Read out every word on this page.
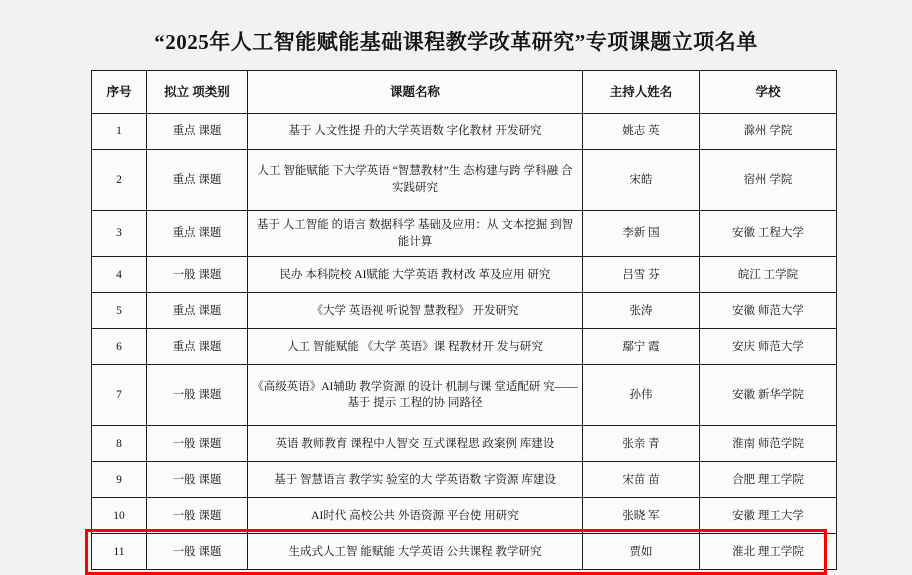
“2025年人工智能赋能基础课程教学改革研究”专项课题立项名单
序号	拟立 项类别	课题名称	主持人姓名	学校
1	重点 课题	基于 人文性提 升的大学英语数 字化教材 开发研究	姚志 英	滁州 学院
2	重点 课题	人工 智能赋能 下大学英语 “智慧教材”生 态构建与跨 学科融 合实践研究	宋皓	宿州 学院
3	重点 课题	基于 人工智能 的语言 数据科学 基础及应用：从 文本挖掘 到智能计算	李新 国	安徽 工程大学
4	一般 课题	民办 本科院校 AI赋能 大学英语 教材改 革及应用 研究	吕雪 芬	皖江 工学院
5	重点 课题	《大学 英语视 听说智 慧教程》 开发研究	张涛	安徽 师范大学
6	重点 课题	人工 智能赋能 《大学 英语》课 程教材开 发与研究	鄢宁 霞	安庆 师范大学
7	一般 课题	《高级英语》AI辅助 教学资源 的设计 机制与课 堂适配研 究——基于 提示 工程的协 同路径	孙伟	安徽 新华学院
8	一般 课题	英语 教师教育 课程中人智交 互式课程思 政案例 库建设	张亲 青	淮南 师范学院
9	一般 课题	基于 智慧语言 教学实 验室的大 学英语数 字资源 库建设	宋苗 苗	合肥 理工学院
10	一般 课题	AI时代 高校公共 外语资源 平台使 用研究	张晓 军	安徽 理工大学
11	一般 课题	生成式人工智 能赋能 大学英语 公共课程 教学研究	贾如	淮北 理工学院
